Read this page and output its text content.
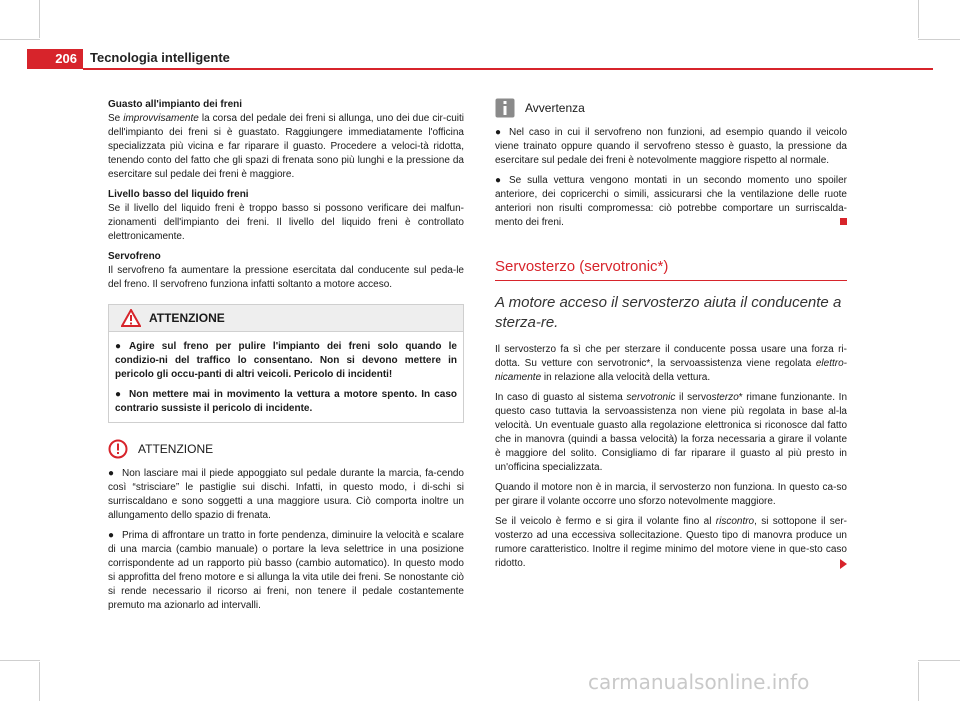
206	Tecnologia intelligente

Guasto all'impianto dei freni

Se improvvisamente la corsa del pedale dei freni si allunga, uno dei due cir-cuiti dell'impianto dei freni si è guastato. Raggiungere immediatamente l'officina specializzata più vicina e far riparare il guasto. Procedere a veloci-tà ridotta, tenendo conto del fatto che gli spazi di frenata sono più lunghi e la pressione da esercitare sul pedale dei freni è maggiore.

Livello basso del liquido freni

Se il livello del liquido freni è troppo basso si possono verificare dei malfun-zionamenti dell'impianto dei freni. Il livello del liquido freni è controllato elettronicamente.

Servofreno

Il servofreno fa aumentare la pressione esercitata dal conducente sul peda-le del freno. Il servofreno funziona infatti soltanto a motore acceso.

ATTENZIONE

● Agire sul freno per pulire l'impianto dei freni solo quando le condizio-ni del traffico lo consentano. Non si devono mettere in pericolo gli occu-panti di altri veicoli. Pericolo di incidenti!

● Non mettere mai in movimento la vettura a motore spento. In caso contrario sussiste il pericolo di incidente.

ATTENZIONE

● Non lasciare mai il piede appoggiato sul pedale durante la marcia, fa-cendo così “strisciare” le pastiglie sui dischi. Infatti, in questo modo, i di-schi si surriscaldano e sono soggetti a una maggiore usura. Ciò comporta inoltre un allungamento dello spazio di frenata.

● Prima di affrontare un tratto in forte pendenza, diminuire la velocità e scalare di una marcia (cambio manuale) o portare la leva selettrice in una posizione corrispondente ad un rapporto più basso (cambio automatico). In questo modo si approfitta del freno motore e si allunga la vita utile dei freni. Se nonostante ciò si rende necessario il ricorso ai freni, non tenere il pedale costantemente premuto ma azionarlo ad intervalli.

Avvertenza

● Nel caso in cui il servofreno non funzioni, ad esempio quando il veicolo viene trainato oppure quando il servofreno stesso è guasto, la pressione da esercitare sul pedale dei freni è notevolmente maggiore rispetto al normale.

● Se sulla vettura vengono montati in un secondo momento uno spoiler anteriore, dei copricerchi o simili, assicurarsi che la ventilazione delle ruote anteriori non risulti compromessa: ciò potrebbe comportare un surriscalda-mento dei freni.

Servosterzo (servotronic*)
A motore acceso il servosterzo aiuta il conducente a sterza-re.

Il servosterzo fa sì che per sterzare il conducente possa usare una forza ri-dotta. Su vetture con servotronic*, la servoassistenza viene regolata elettro-nicamente in relazione alla velocità della vettura.

In caso di guasto al sistema servotronic il servosterzo* rimane funzionante. In questo caso tuttavia la servoassistenza non viene più regolata in base al-la velocità. Un eventuale guasto alla regolazione elettronica si riconosce dal fatto che in manovra (quindi a bassa velocità) la forza necessaria a girare il volante è maggiore del solito. Consigliamo di far riparare il guasto al più presto in un'officina specializzata.

Quando il motore non è in marcia, il servosterzo non funziona. In questo ca-so per girare il volante occorre uno sforzo notevolmente maggiore.

Se il veicolo è fermo e si gira il volante fino al riscontro, si sottopone il ser-vosterzo ad una eccessiva sollecitazione. Questo tipo di manovra produce un rumore caratteristico. Inoltre il regime minimo del motore viene in que-sto caso ridotto.

carmanualsonline.info
